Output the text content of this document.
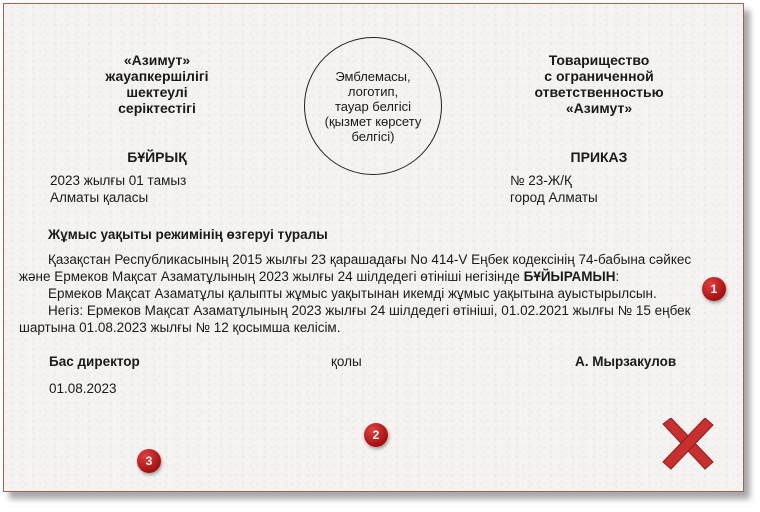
«Азимут»
жауапкершілігі
шектеулі
серіктестігі
Эмблемасы,
логотип,
тауар белгісі
(қызмет көрсету
белгісі)
Товарищество
с ограниченной
ответственностью
«Азимут»
БҰЙРЫҚ	ПРИКАЗ
2023 жылғы 01 тамыз
Алматы қаласы
№ 23-Ж/Қ
город Алматы
Жұмыс уақыты режимінің өзгеруі туралы
Қазақстан Республикасының 2015 жылғы 23 қарашадағы No 414-V Еңбек кодексінің 74-бабына сәйкес
және Ермеков Мақсат Азаматұлының 2023 жылғы 24 шілдедегі өтініші негізінде БҰЙЫРАМЫН:
Ермеков Мақсат Азаматұлы қалыпты жұмыс уақытынан икемді жұмыс уақытына ауыстырылсын.
Негіз: Ермеков Мақсат Азаматұлының 2023 жылғы 24 шілдедегі өтініші, 01.02.2021 жылғы № 15 еңбек
шартына 01.08.2023 жылғы № 12 қосымша келісім.
Бас директор	қолы	А. Мырзакулов
01.08.2023
1
2
3
